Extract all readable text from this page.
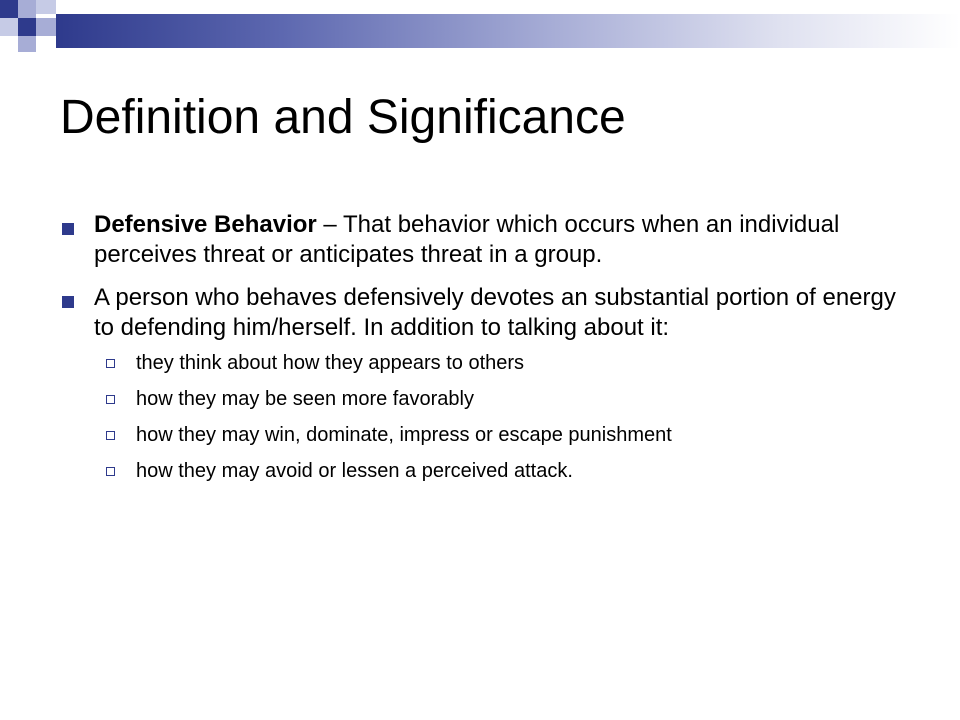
Definition and Significance
Defensive Behavior – That behavior which occurs when an individual perceives threat or anticipates threat in a group.
A person who behaves defensively devotes an substantial portion of energy to defending him/herself. In addition to talking about it:
they think about how they appears to others
how they may be seen more favorably
how they may win, dominate, impress or escape punishment
how they may avoid or lessen a perceived attack.
